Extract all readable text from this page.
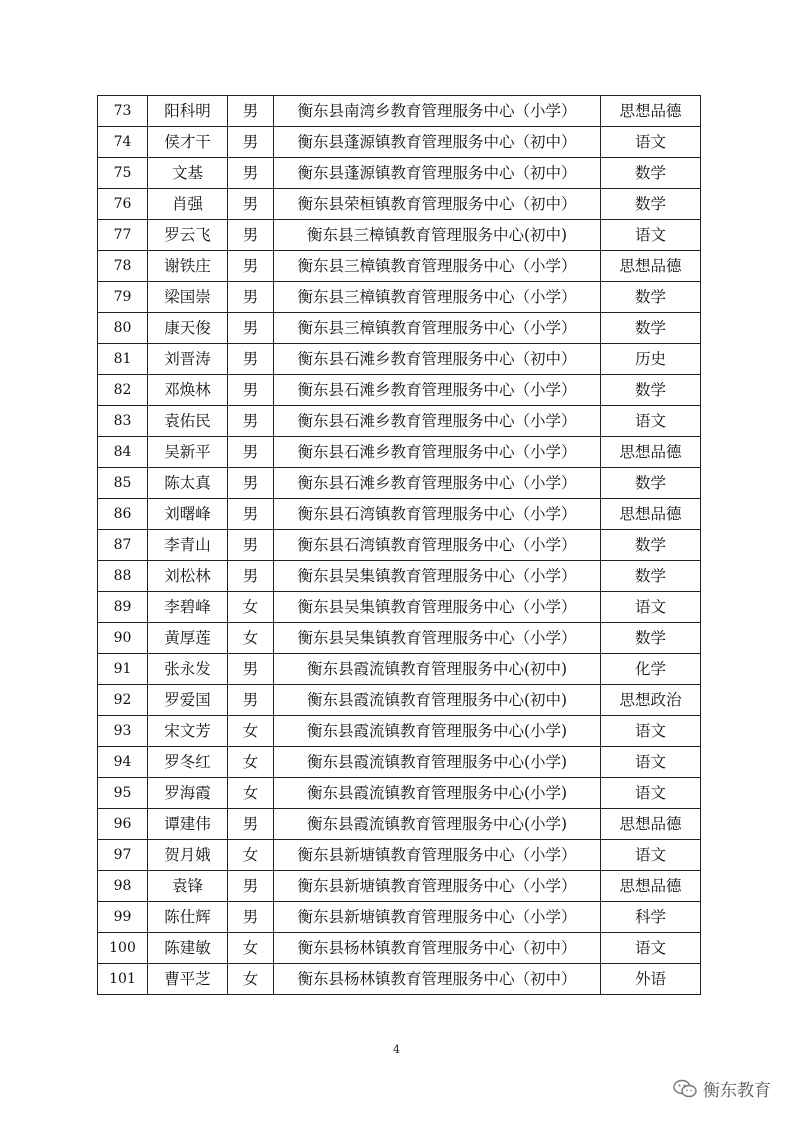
73	阳科明	男	衡东县南湾乡教育管理服务中心（小学）	思想品德
74	侯才干	男	衡东县蓬源镇教育管理服务中心（初中）	语文
75	文基	男	衡东县蓬源镇教育管理服务中心（初中）	数学
76	肖强	男	衡东县荣桓镇教育管理服务中心（初中）	数学
77	罗云飞	男	衡东县三樟镇教育管理服务中心(初中)	语文
78	谢铁庄	男	衡东县三樟镇教育管理服务中心（小学）	思想品德
79	梁国崇	男	衡东县三樟镇教育管理服务中心（小学）	数学
80	康天俊	男	衡东县三樟镇教育管理服务中心（小学）	数学
81	刘晋涛	男	衡东县石滩乡教育管理服务中心（初中）	历史
82	邓焕林	男	衡东县石滩乡教育管理服务中心（小学）	数学
83	袁佑民	男	衡东县石滩乡教育管理服务中心（小学）	语文
84	吴新平	男	衡东县石滩乡教育管理服务中心（小学）	思想品德
85	陈太真	男	衡东县石滩乡教育管理服务中心（小学）	数学
86	刘曙峰	男	衡东县石湾镇教育管理服务中心（小学）	思想品德
87	李青山	男	衡东县石湾镇教育管理服务中心（小学）	数学
88	刘松林	男	衡东县吴集镇教育管理服务中心（小学）	数学
89	李碧峰	女	衡东县吴集镇教育管理服务中心（小学）	语文
90	黄厚莲	女	衡东县吴集镇教育管理服务中心（小学）	数学
91	张永发	男	衡东县霞流镇教育管理服务中心(初中)	化学
92	罗爱国	男	衡东县霞流镇教育管理服务中心(初中)	思想政治
93	宋文芳	女	衡东县霞流镇教育管理服务中心(小学)	语文
94	罗冬红	女	衡东县霞流镇教育管理服务中心(小学)	语文
95	罗海霞	女	衡东县霞流镇教育管理服务中心(小学)	语文
96	谭建伟	男	衡东县霞流镇教育管理服务中心(小学)	思想品德
97	贺月娥	女	衡东县新塘镇教育管理服务中心（小学）	语文
98	袁锋	男	衡东县新塘镇教育管理服务中心（小学）	思想品德
99	陈仕辉	男	衡东县新塘镇教育管理服务中心（小学）	科学
100	陈建敏	女	衡东县杨林镇教育管理服务中心（初中）	语文
101	曹平芝	女	衡东县杨林镇教育管理服务中心（初中）	外语
4
衡东教育
